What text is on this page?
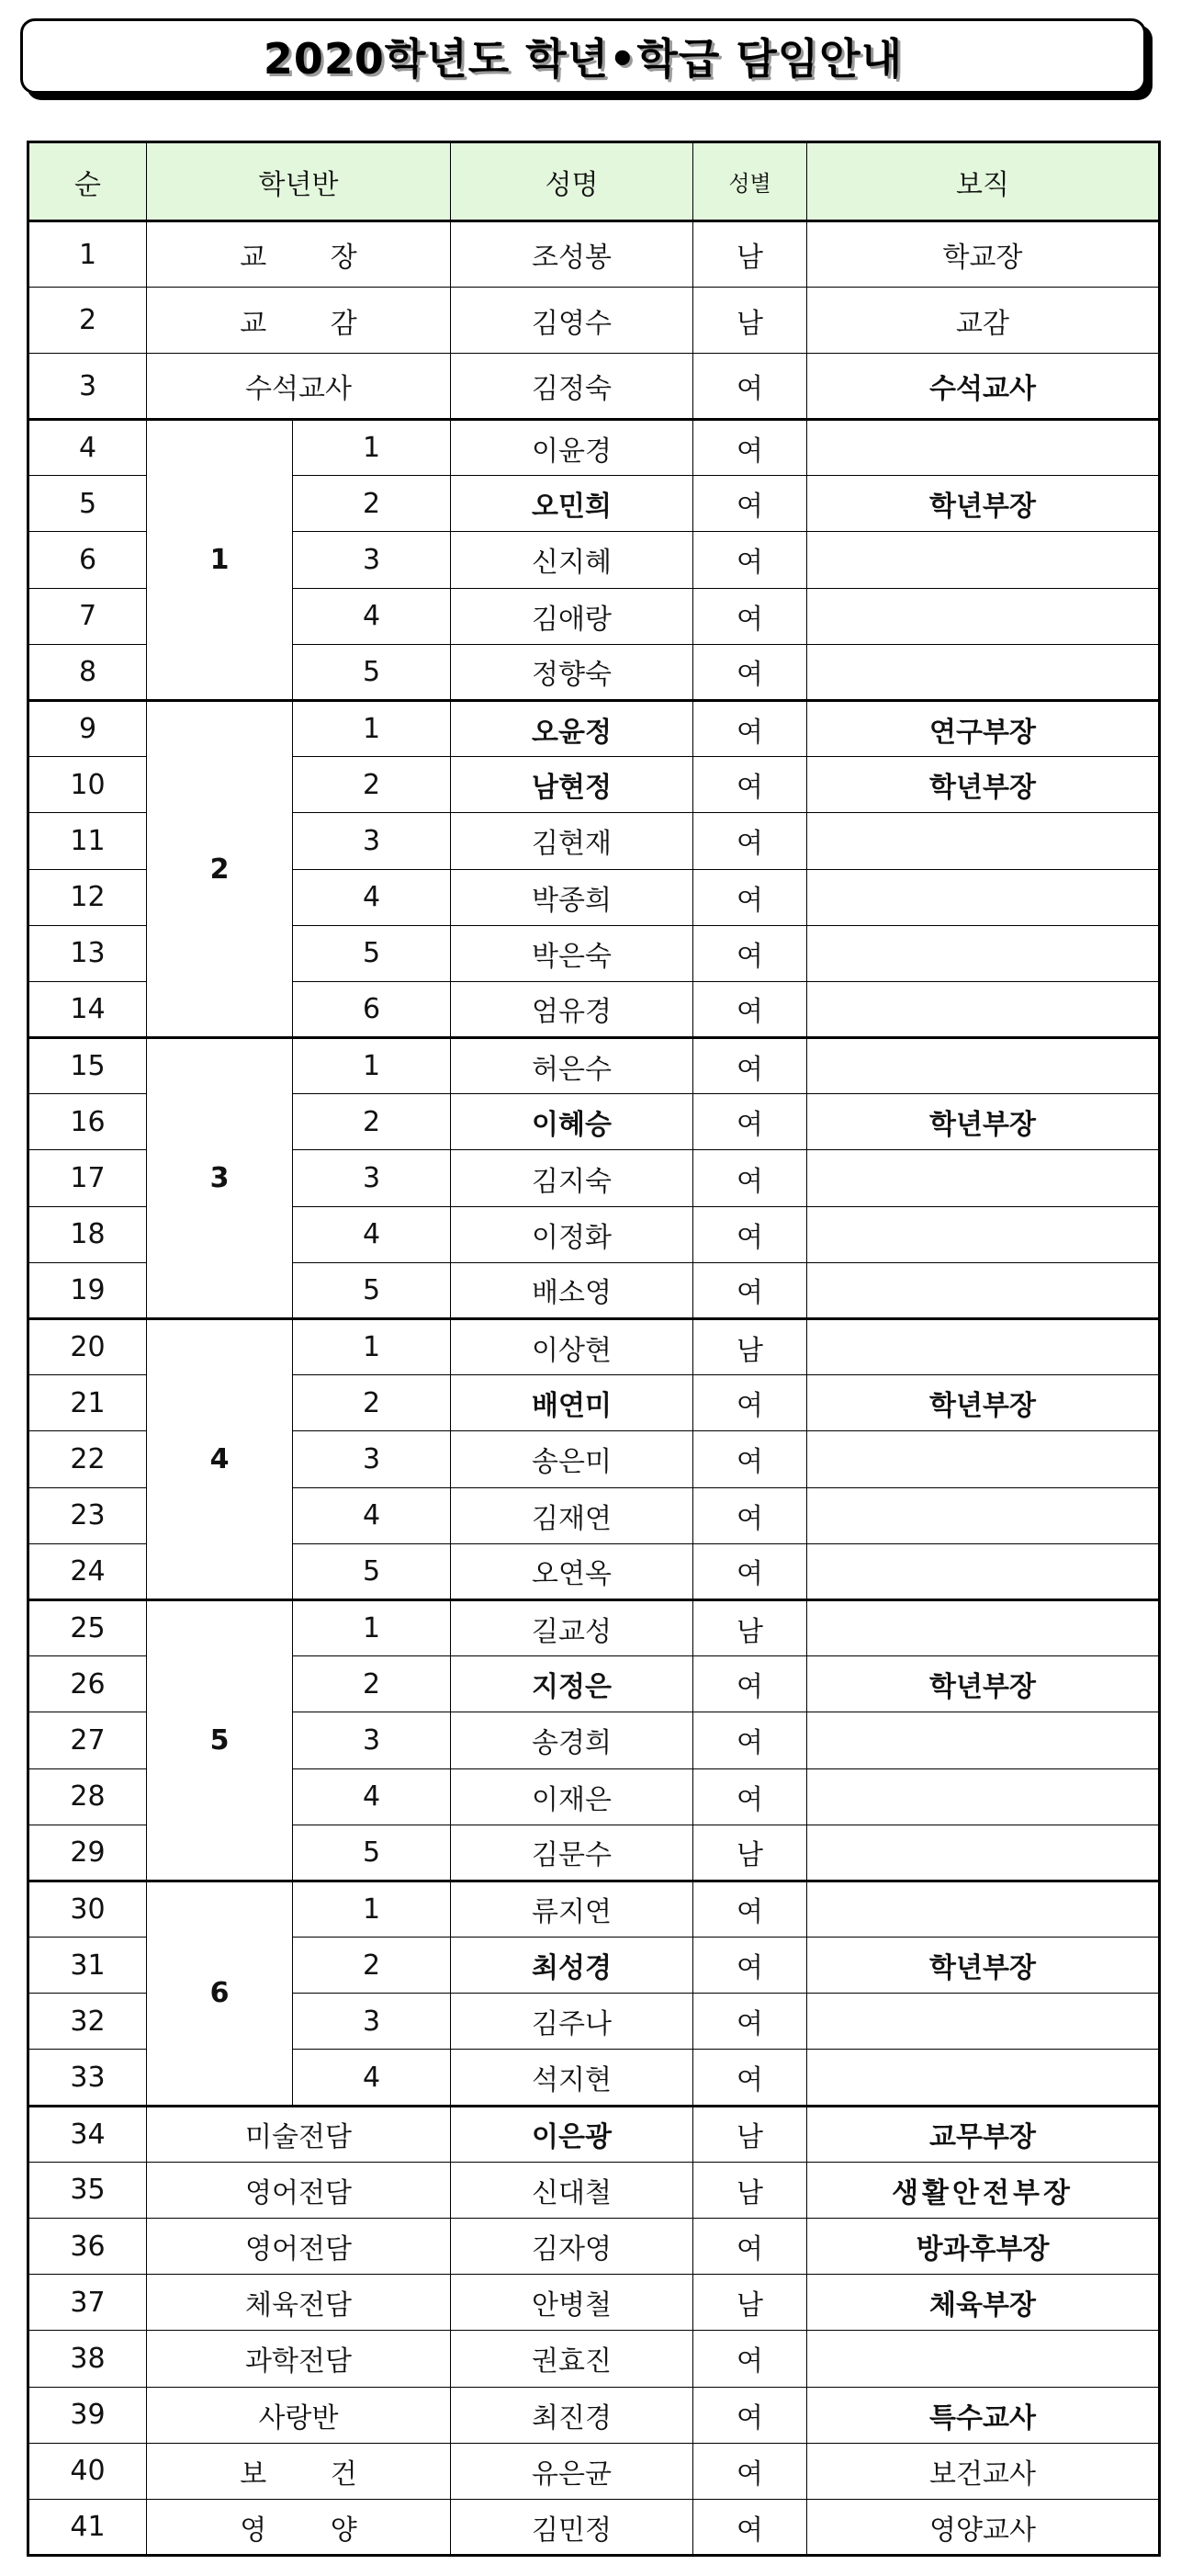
2020학년도 학년•학급 담임안내
순	학년반		성명	성별	보직
1	교 장		조성봉	남	학교장
2	교 감		김영수	남	교감
3	수석교사		김정숙	여	수석교사
4	1	1	이윤경	여	
5		2	오민희	여	학년부장
6		3	신지혜	여	
7		4	김애랑	여	
8		5	정향숙	여	
9	2	1	오윤정	여	연구부장
10		2	남현정	여	학년부장
11		3	김현재	여	
12		4	박종희	여	
13		5	박은숙	여	
14		6	엄유경	여	
15	3	1	허은수	여	
16		2	이혜승	여	학년부장
17		3	김지숙	여	
18		4	이정화	여	
19		5	배소영	여	
20	4	1	이상현	남	
21		2	배연미	여	학년부장
22		3	송은미	여	
23		4	김재연	여	
24		5	오연옥	여	
25	5	1	길교성	남	
26		2	지정은	여	학년부장
27		3	송경희	여	
28		4	이재은	여	
29		5	김문수	남	
30	6	1	류지연	여	
31		2	최성경	여	학년부장
32		3	김주나	여	
33		4	석지현	여	
34	미술전담		이은광	남	교무부장
35	영어전담		신대철	남	생활안전부장
36	영어전담		김자영	여	방과후부장
37	체육전담		안병철	남	체육부장
38	과학전담		권효진	여	
39	사랑반		최진경	여	특수교사
40	보 건		유은균	여	보건교사
41	영 양		김민정	여	영양교사
